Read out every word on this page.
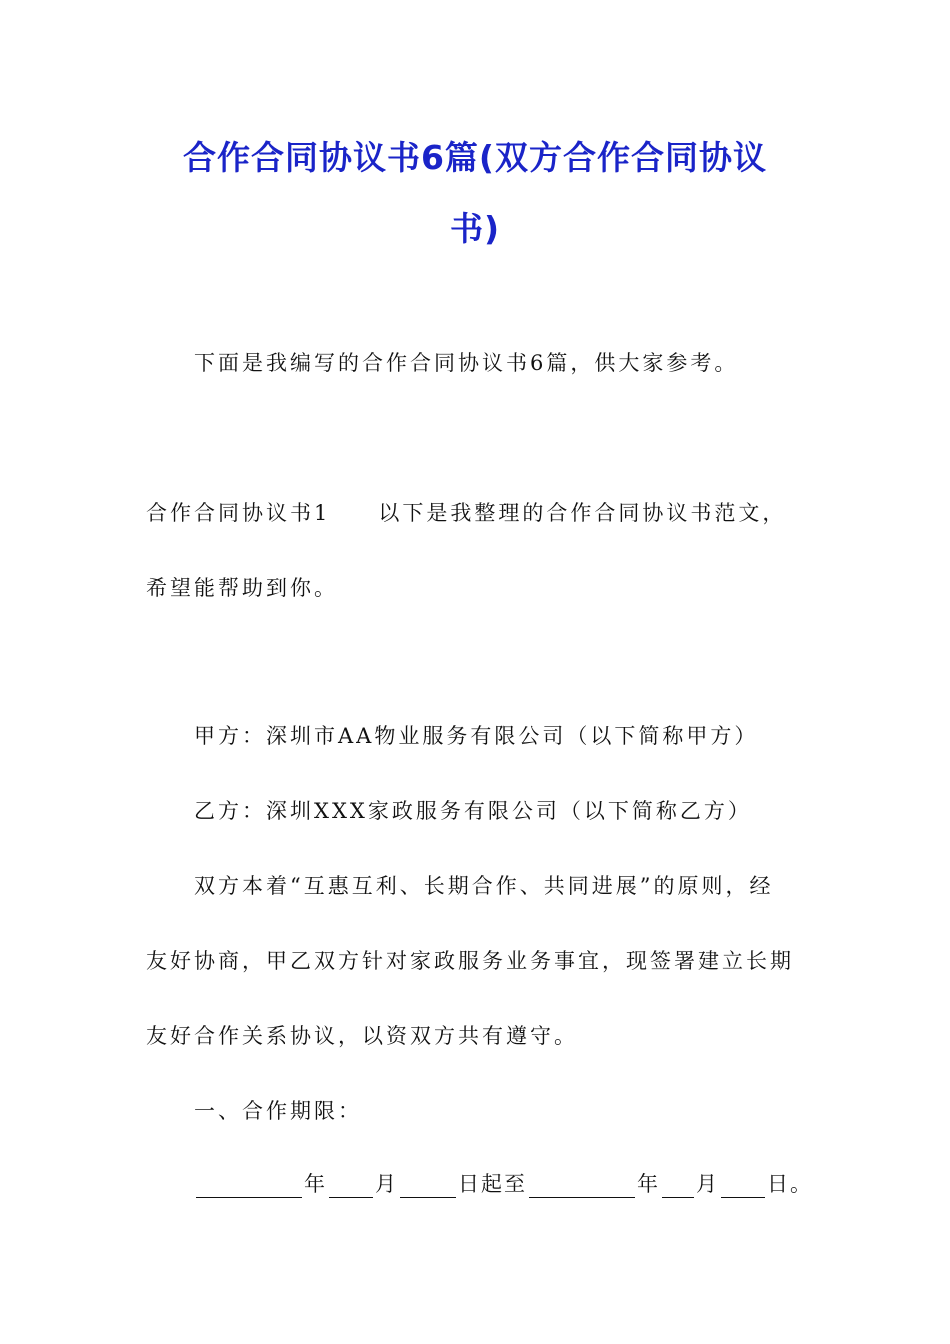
合作合同协议书6篇(双方合作合同协议
书)
下面是我编写的合作合同协议书6篇，供大家参考。
合作合同协议书1 以下是我整理的合作合同协议书范文，
希望能帮助到你。
甲方：深圳市AA物业服务有限公司（以下简称甲方）
乙方：深圳XXX家政服务有限公司（以下简称乙方）
双方本着“互惠互利、长期合作、共同进展”的原则，经
友好协商，甲乙双方针对家政服务业务事宜，现签署建立长期
友好合作关系协议，以资双方共有遵守。
一、合作期限：
年 月	日起至	年 月 日。
